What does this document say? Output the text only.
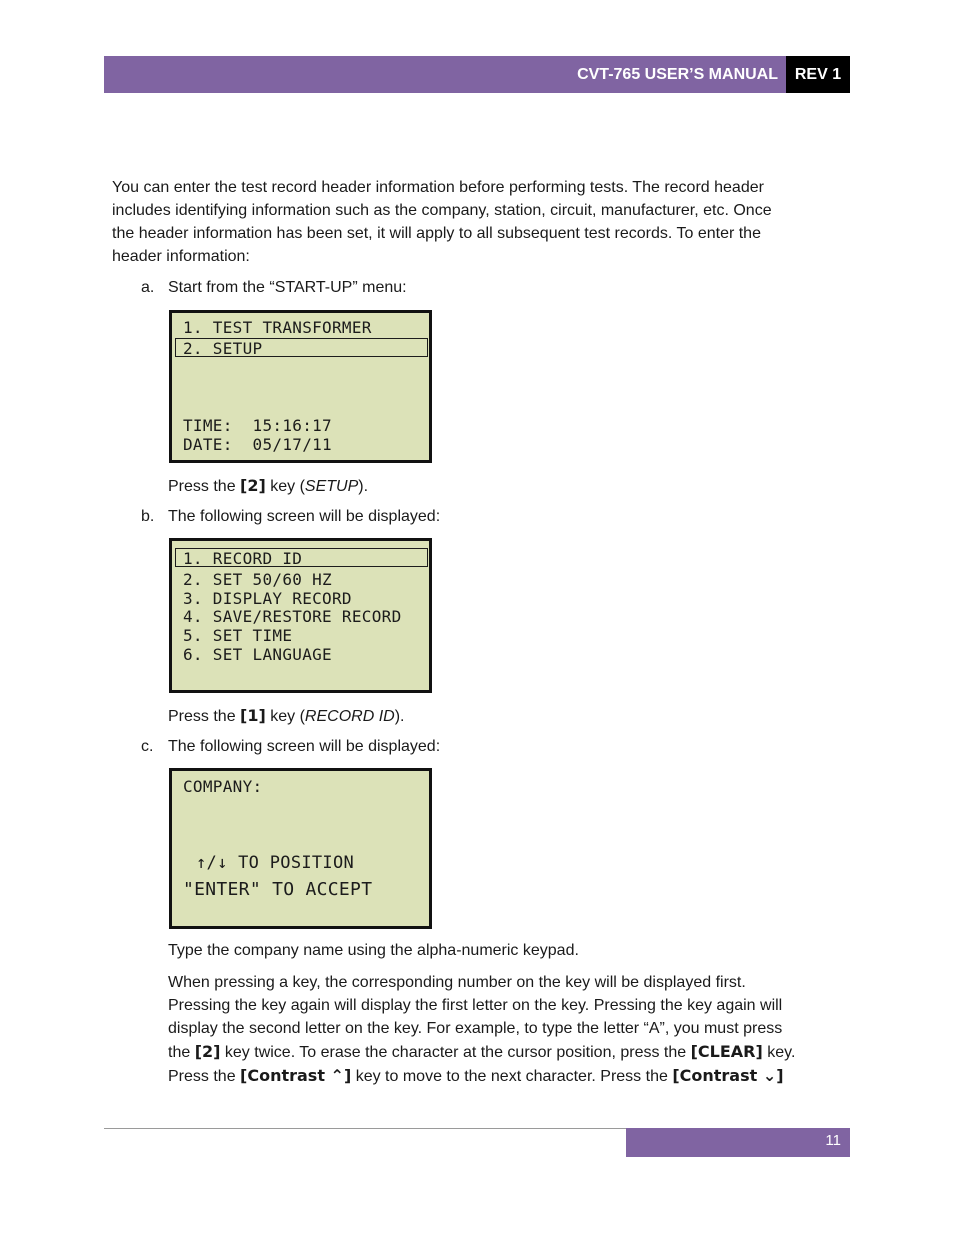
CVT-765 USER’S MANUAL	REV 1
You can enter the test record header information before performing tests. The record header
includes identifying information such as the company, station, circuit, manufacturer, etc. Once
the header information has been set, it will apply to all subsequent test records. To enter the
header information:
a. Start from the “START-UP” menu:
1. TEST TRANSFORMER
2. SETUP
TIME:  15:16:17
DATE:  05/17/11
Press the [2] key (SETUP).
b. The following screen will be displayed:
1. RECORD ID
2. SET 50/60 HZ
3. DISPLAY RECORD
4. SAVE/RESTORE RECORD
5. SET TIME
6. SET LANGUAGE
Press the [1] key (RECORD ID).
c. The following screen will be displayed:
COMPANY:
↑/↓ TO POSITION
"ENTER" TO ACCEPT
Type the company name using the alpha-numeric keypad.
When pressing a key, the corresponding number on the key will be displayed first.
Pressing the key again will display the first letter on the key. Pressing the key again will
display the second letter on the key. For example, to type the letter “A”, you must press
the [2] key twice. To erase the character at the cursor position, press the [CLEAR] key.
Press the [Contrast ⌃] key to move to the next character. Press the [Contrast ⌄]
11
